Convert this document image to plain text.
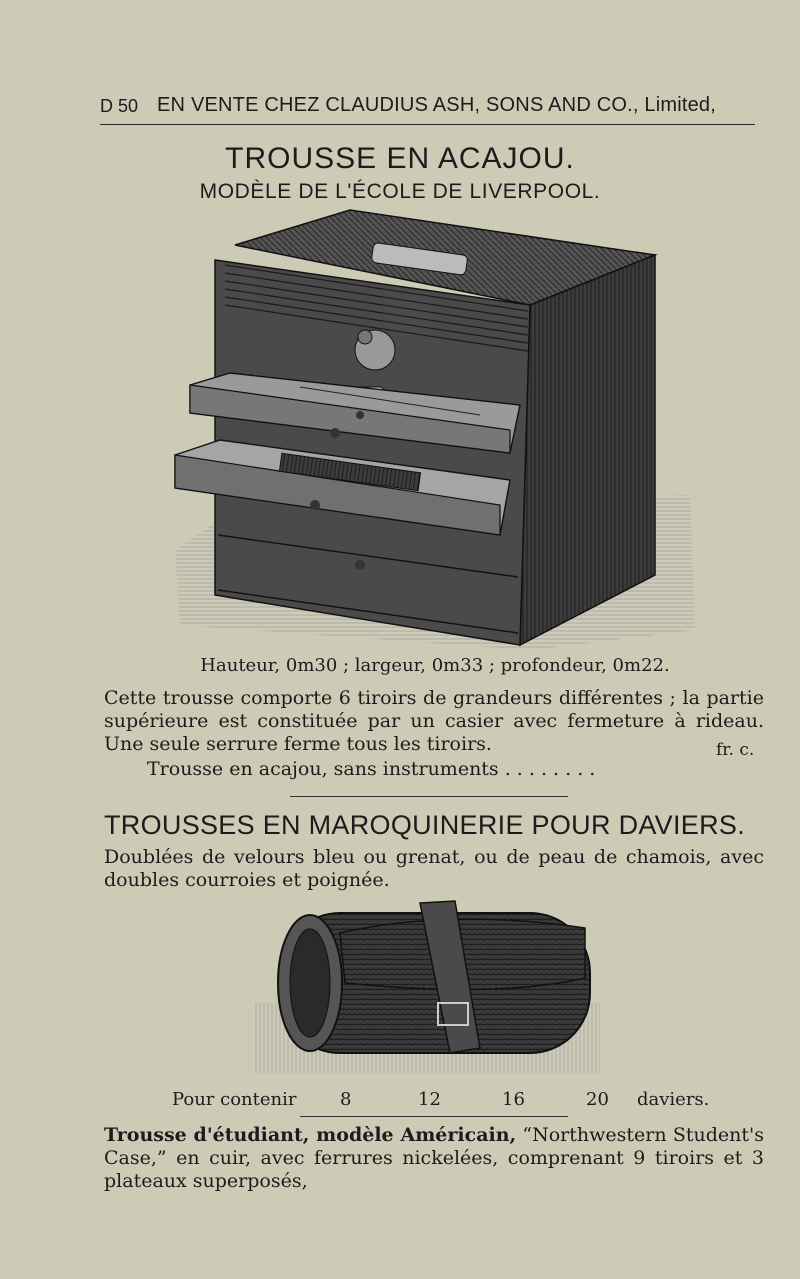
D 50 EN VENTE CHEZ CLAUDIUS ASH, SONS AND CO., Limited,
TROUSSE EN ACAJOU.
MODÈLE DE L'ÉCOLE DE LIVERPOOL.
Hauteur, 0m30 ; largeur, 0m33 ; profondeur, 0m22.
Cette trousse comporte 6 tiroirs de grandeurs différentes ; la partie supérieure est constituée par un casier avec fermeture à rideau. Une seule serrure ferme tous les tiroirs.	fr. c.
Trousse en acajou, sans instruments . . . . . . . .
TROUSSES EN MAROQUINERIE POUR DAVIERS.
Doublées de velours bleu ou grenat, ou de peau de chamois, avec doubles courroies et poignée.
Pour contenir 8	12	16	20 daviers.
Trousse d'étudiant, modèle Américain, “Northwestern Student's Case,” en cuir, avec ferrures nickelées, comprenant 9 tiroirs et 3 plateaux superposés,
